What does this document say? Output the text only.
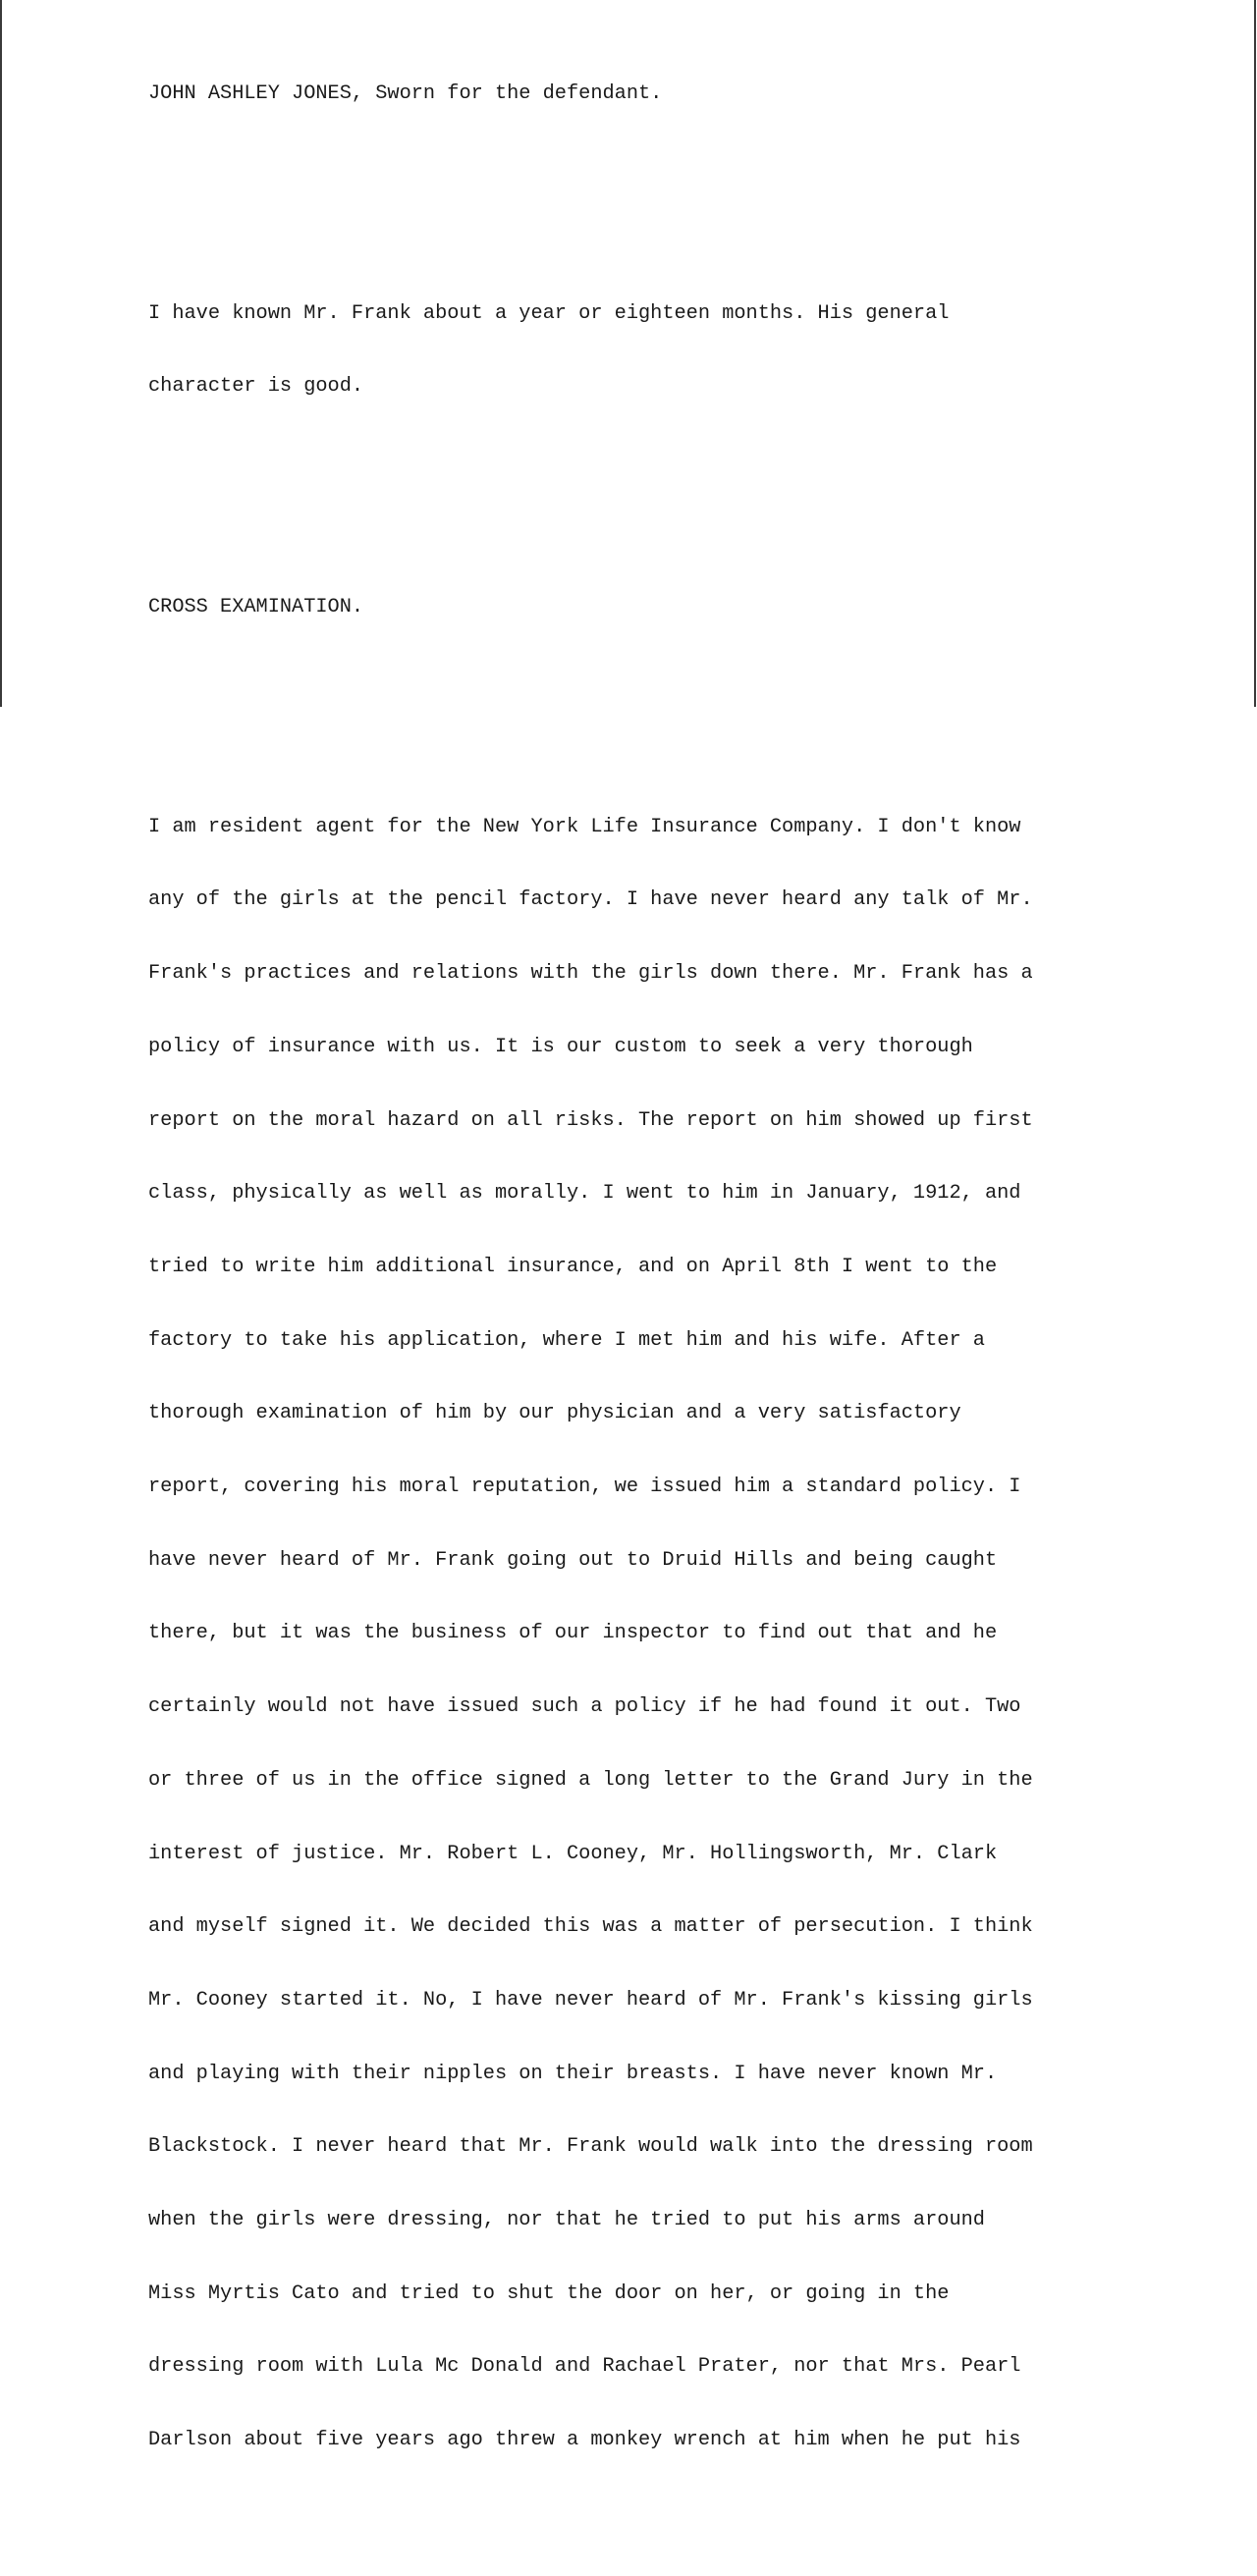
JOHN ASHLEY JONES, Sworn for the defendant.

I have known Mr. Frank about a year or eighteen months. His general

character is good.

CROSS EXAMINATION.

I am resident agent for the New York Life Insurance Company. I don't know

any of the girls at the pencil factory. I have never heard any talk of Mr.

Frank's practices and relations with the girls down there. Mr. Frank has a

policy of insurance with us. It is our custom to seek a very thorough

report on the moral hazard on all risks. The report on him showed up first

class, physically as well as morally. I went to him in January, 1912, and

tried to write him additional insurance, and on April 8th I went to the

factory to take his application, where I met him and his wife. After a

thorough examination of him by our physician and a very satisfactory

report, covering his moral reputation, we issued him a standard policy. I

have never heard of Mr. Frank going out to Druid Hills and being caught

there, but it was the business of our inspector to find out that and he

certainly would not have issued such a policy if he had found it out. Two

or three of us in the office signed a long letter to the Grand Jury in the

interest of justice. Mr. Robert L. Cooney, Mr. Hollingsworth, Mr. Clark

and myself signed it. We decided this was a matter of persecution. I think

Mr. Cooney started it. No, I have never heard of Mr. Frank's kissing girls

and playing with their nipples on their breasts. I have never known Mr.

Blackstock. I never heard that Mr. Frank would walk into the dressing room

when the girls were dressing, nor that he tried to put his arms around

Miss Myrtis Cato and tried to shut the door on her, or going in the

dressing room with Lula Mc Donald and Rachael Prater, nor that Mrs. Pearl

Darlson about five years ago threw a monkey wrench at him when he put his
